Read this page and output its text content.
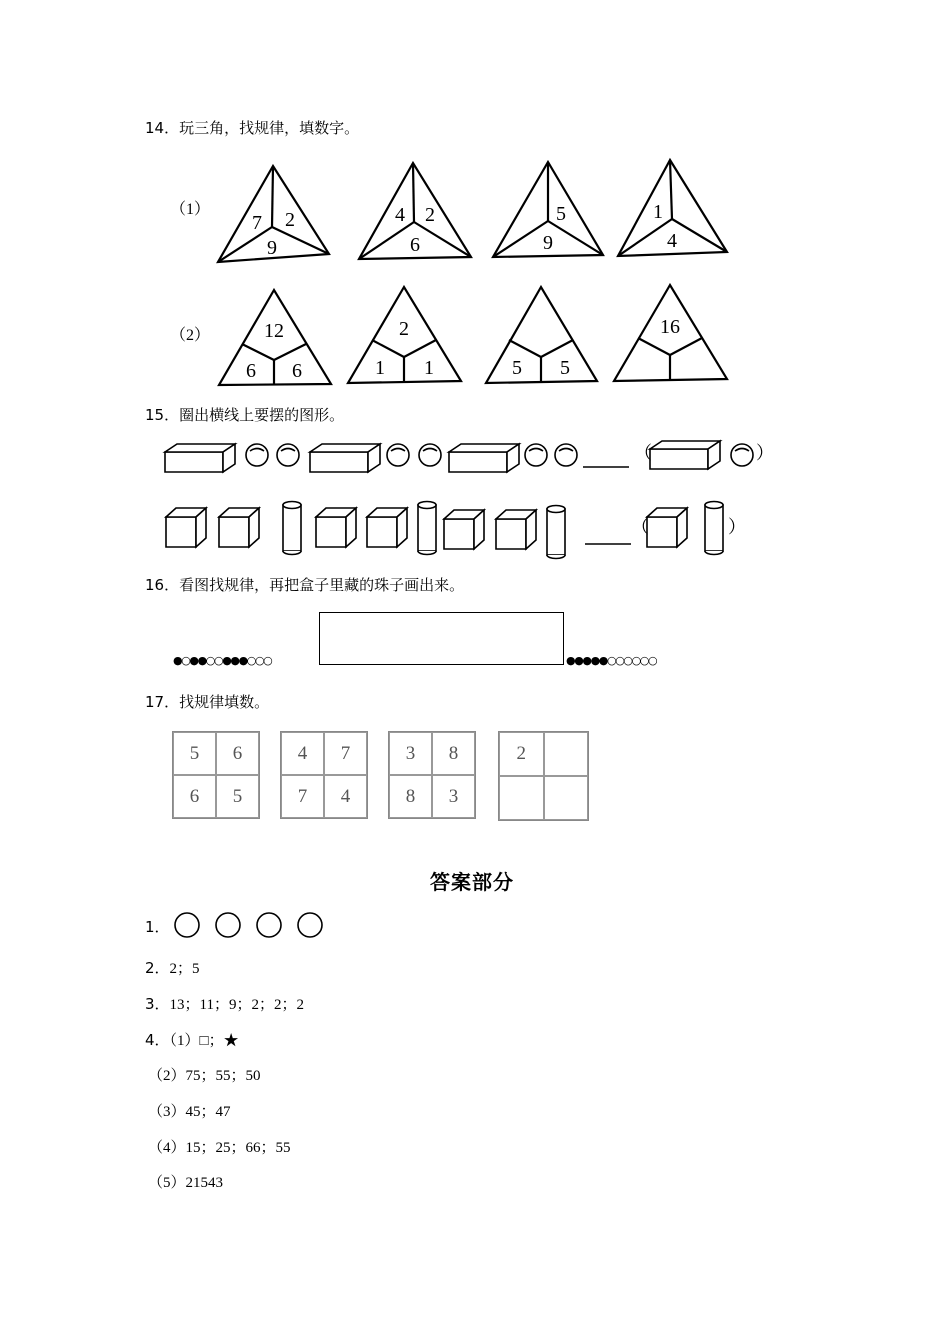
14．玩三角，找规律，填数字。
（1）
（2）
7 2
9
4 2
6
5
9
1
4
12
6 6
2
1 1	5 5
16
15．圈出横线上要摆的图形。
（	）
（	）
16．看图找规律，再把盒子里藏的珠子画出来。
●○●●○○●●●○○○	●●●●●○○○○○○
17．找规律填数。
5	6
6	5
4	7
7	4
3	8
8	3
2
答案部分
1．
2．2；5
3．13；11；9；2；2；2
4．（1）□；★
（2）75；55；50
（3）45；47
（4）15；25；66；55
（5）21543
